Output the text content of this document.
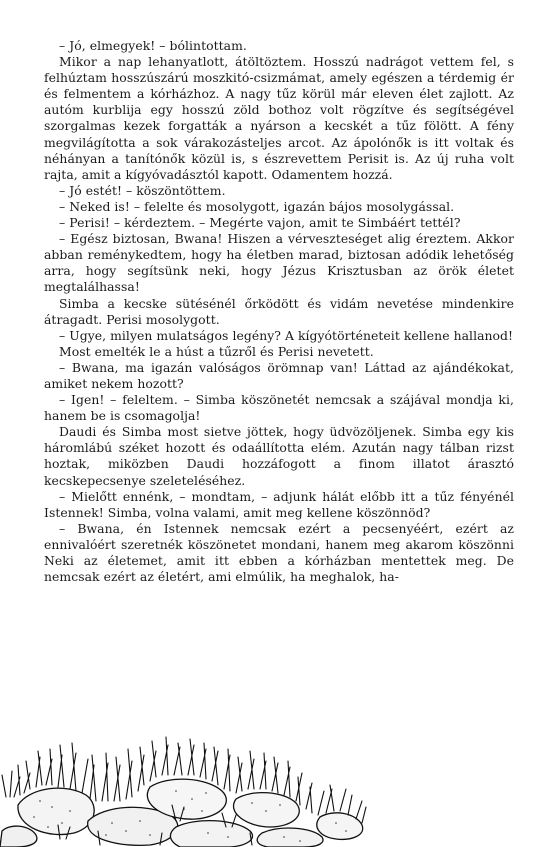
– Jó, elmegyek! – bólintottam.

Mikor a nap lehanyatlott, átöltöztem. Hosszú nadrágot vettem fel, s felhúztam hosszúszárú moszkitó-csizmámat, amely egészen a térdemig ér és felmentem a kórházhoz. A nagy tűz körül már eleven élet zajlott. Az autóm kurblija egy hosszú zöld bothoz volt rögzítve és segítségével szorgalmas kezek forgatták a nyárson a kecskét a tűz fölött. A fény megvilágította a sok várakozásteljes arcot. Az ápolónők is itt voltak és néhányan a tanítónők közül is, s észrevettem Perisit is. Az új ruha volt rajta, amit a kígyóvadásztól kapott. Odamentem hozzá.

– Jó estét! – köszöntöttem.

– Neked is! – felelte és mosolygott, igazán bájos mosolygással.

– Perisi! – kérdeztem. – Megérte vajon, amit te Simbáért tettél?

– Egész biztosan, Bwana! Hiszen a vérveszteséget alig éreztem. Akkor abban reménykedtem, hogy ha életben marad, biztosan adódik lehetőség arra, hogy segítsünk neki, hogy Jézus Krisztusban az örök életet megtalálhassa!

Simba a kecske sütésénél őrködött és vidám nevetése mindenkire átragadt. Perisi mosolygott.

– Ugye, milyen mulatságos legény? A kígyótörténeteit kellene hallanod!

Most emelték le a húst a tűzről és Perisi nevetett.

– Bwana, ma igazán valóságos örömnap van! Láttad az ajándékokat, amiket nekem hozott?

– Igen! – feleltem. – Simba köszönetét nemcsak a szájával mondja ki, hanem be is csomagolja!

Daudi és Simba most sietve jöttek, hogy üdvözöljenek. Simba egy kis háromlábú széket hozott és odaállította elém. Azután nagy tálban rizst hoztak, miközben Daudi hozzáfogott a finom illatot árasztó kecskepecsenye szeleteléséhez.

– Mielőtt ennénk, – mondtam, – adjunk hálát előbb itt a tűz fényénél Istennek! Simba, volna valami, amit meg kellene köszönnöd?

– Bwana, én Istennek nemcsak ezért a pecsenyéért, ezért az ennivalóért szeretnék köszönetet mondani, hanem meg akarom köszönni Neki az életemet, amit itt ebben a kórházban mentettek meg. De nemcsak ezért az életért, ami elmúlik, ha meghalok, ha-
